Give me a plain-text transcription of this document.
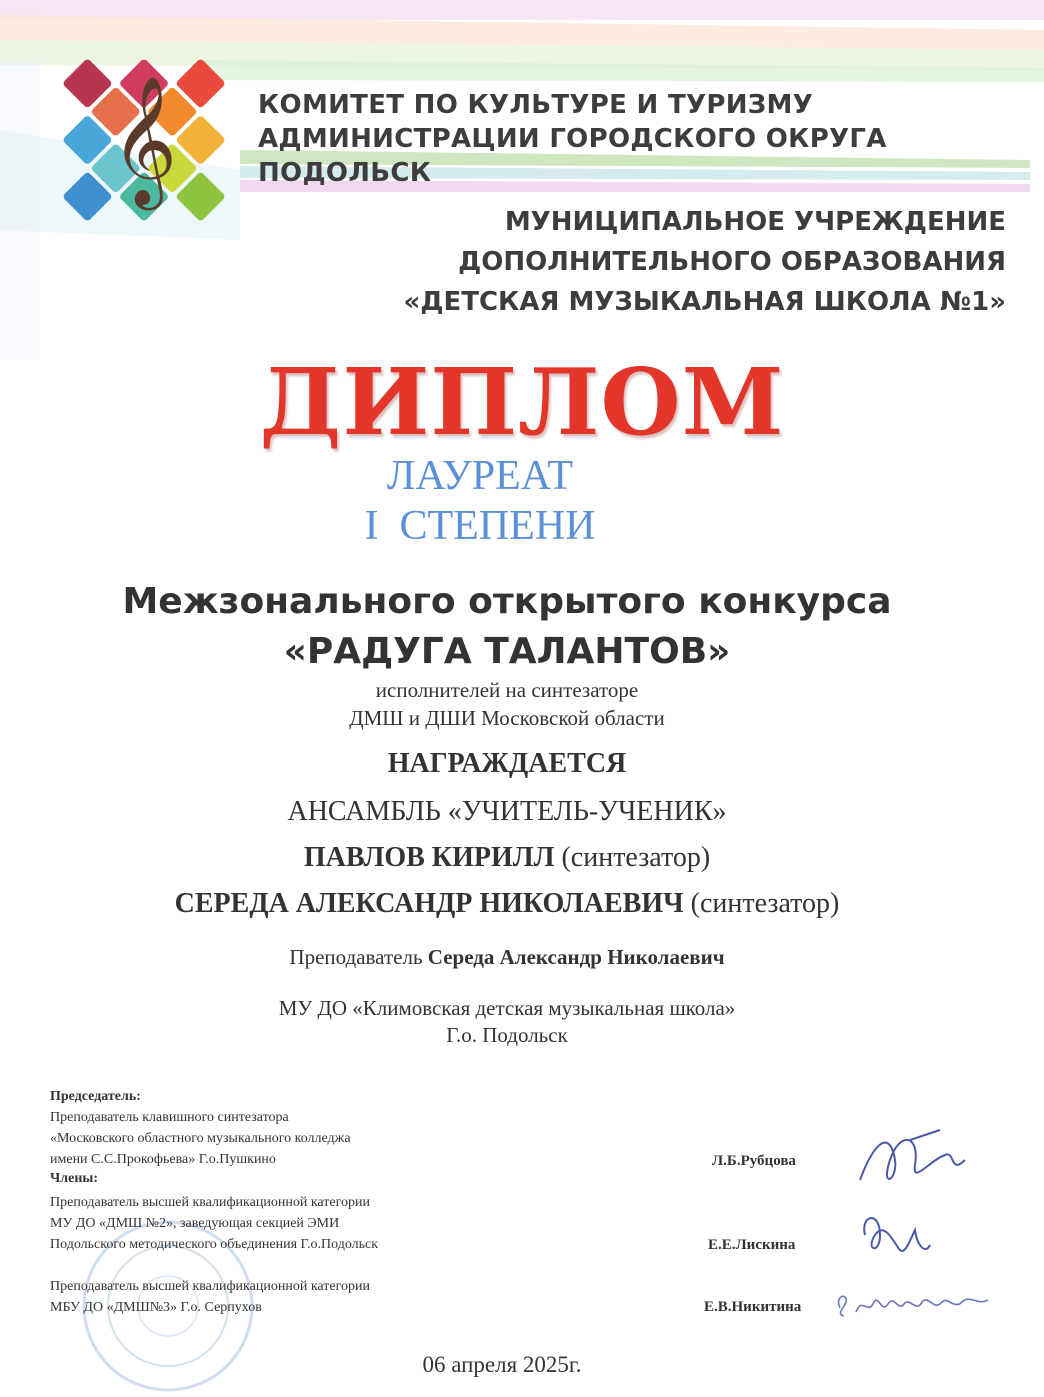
𝄞	КОМИТЕТ ПО КУЛЬТУРЕ И ТУРИЗМУ
АДМИНИСТРАЦИИ ГОРОДСКОГО ОКРУГА ПОДОЛЬСК
МУНИЦИПАЛЬНОЕ УЧРЕЖДЕНИЕ
ДОПОЛНИТЕЛЬНОГО ОБРАЗОВАНИЯ
«ДЕТСКАЯ МУЗЫКАЛЬНАЯ ШКОЛА №1»
ДИПЛОМ
ЛАУРЕАТ
I  СТЕПЕНИ
Межзонального открытого конкурса
«РАДУГА ТАЛАНТОВ»
исполнителей на синтезаторе
ДМШ и ДШИ Московской области
НАГРАЖДАЕТСЯ
АНСАМБЛЬ «УЧИТЕЛЬ-УЧЕНИК»
ПАВЛОВ КИРИЛЛ (синтезатор)
СЕРЕДА АЛЕКСАНДР НИКОЛАЕВИЧ (синтезатор)
Преподаватель Середа Александр Николаевич
МУ ДО «Климовская детская музыкальная школа»
Г.о. Подольск
Председатель:
Преподаватель клавишного синтезатора
«Московского областного музыкального колледжа
имени С.С.Прокофьева» Г.о.Пушкино
Члены:
Преподаватель высшей квалификационной категории
МУ ДО «ДМШ №2», заведующая секцией ЭМИ
Подольского методического объединения Г.о.Подольск
Преподаватель высшей квалификационной категории
МБУ ДО «ДМШ№3» Г.о. Серпухов
Л.Б.Рубцова
Е.Е.Лискина
Е.В.Никитина
06 апреля 2025г.
